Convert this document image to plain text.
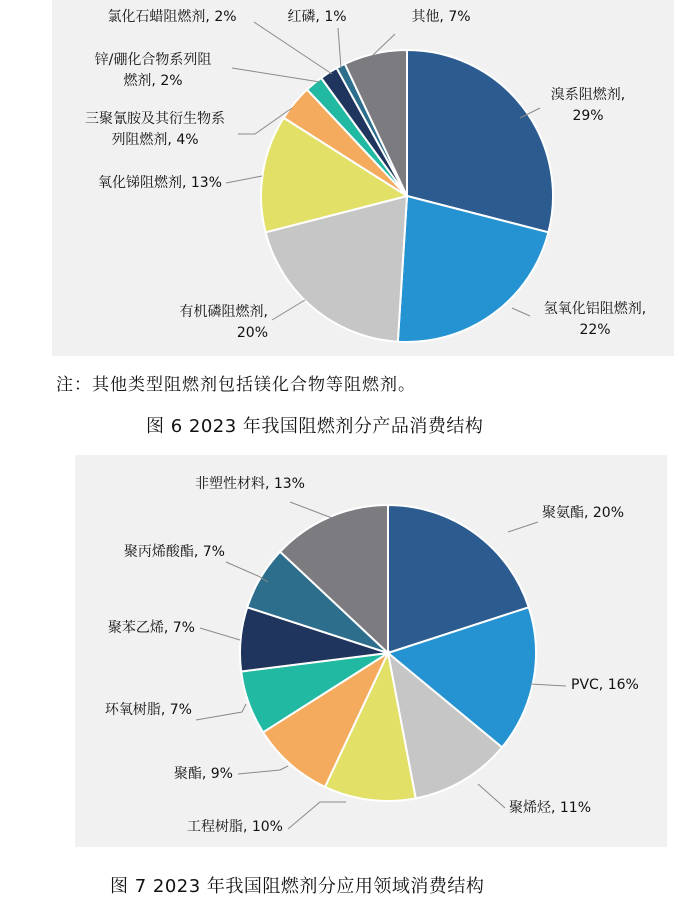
溴系阻燃剂, 29%
氢氧化铝阻燃剂, 22%
有机磷阻燃剂, 20%
氧化锑阻燃剂, 13%
三聚氰胺及其衍生物系列阻燃剂, 4%
锌/硼化合物系列阻燃剂, 2%
氯化石蜡阻燃剂, 2%	红磷, 1%	其他, 7%
注：其他类型阻燃剂包括镁化合物等阻燃剂。
图 6 2023 年我国阻燃剂分产品消费结构
聚氨酯, 20%
PVC, 16%
聚烯烃, 11%
工程树脂, 10%
聚酯, 9%
环氧树脂, 7%
聚苯乙烯, 7%
聚丙烯酸酯, 7%
非塑性材料, 13%
图 7 2023 年我国阻燃剂分应用领域消费结构
